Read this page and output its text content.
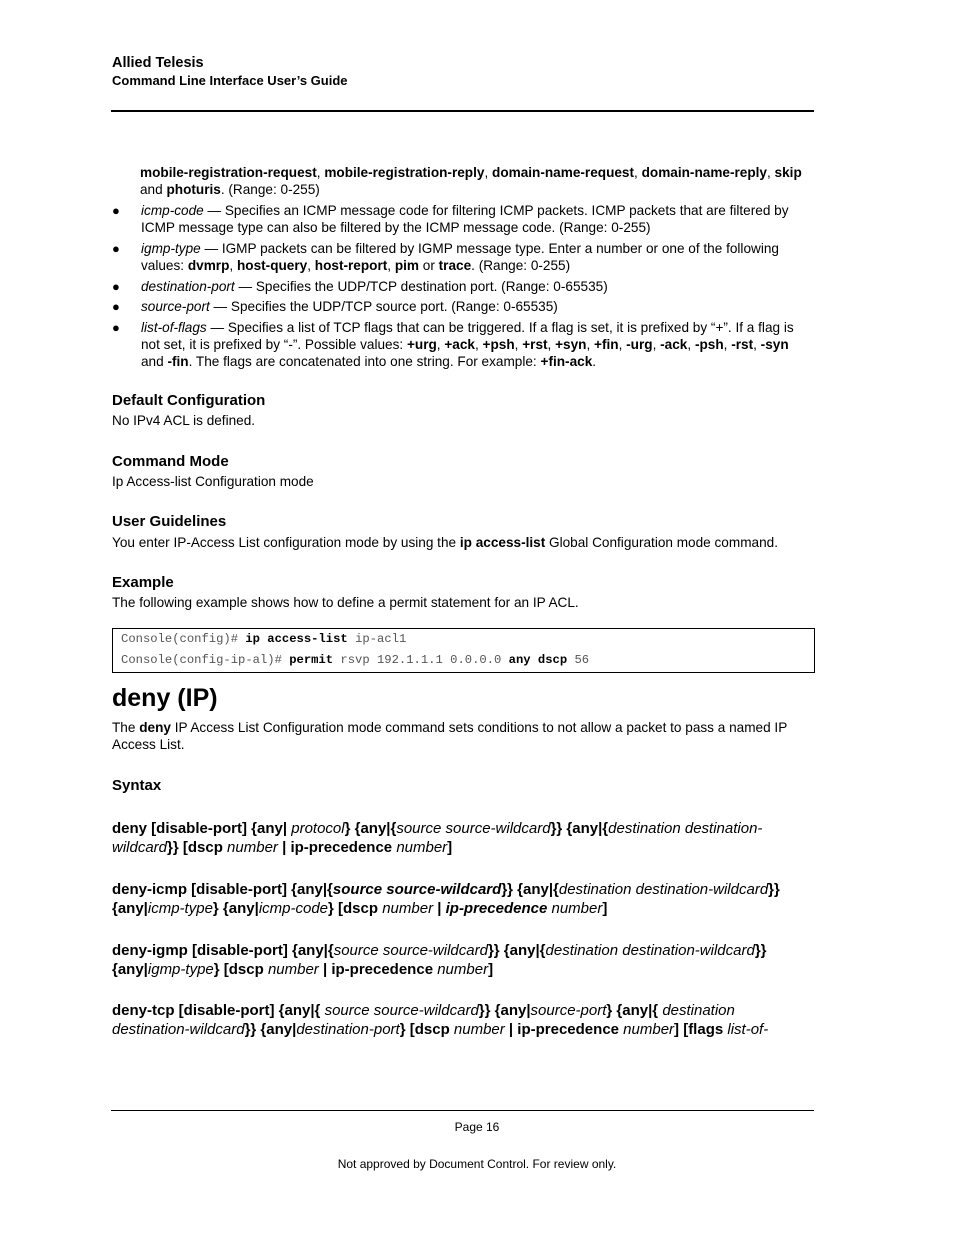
Allied Telesis
Command Line Interface User’s Guide
mobile-registration-request, mobile-registration-reply, domain-name-request, domain-name-reply, skip and photuris. (Range: 0-255)
● icmp-code — Specifies an ICMP message code for filtering ICMP packets. ICMP packets that are filtered by ICMP message type can also be filtered by the ICMP message code. (Range: 0-255)
● igmp-type — IGMP packets can be filtered by IGMP message type. Enter a number or one of the following values: dvmrp, host-query, host-report, pim or trace. (Range: 0-255)
● destination-port — Specifies the UDP/TCP destination port. (Range: 0-65535)
● source-port — Specifies the UDP/TCP source port. (Range: 0-65535)
● list-of-flags — Specifies a list of TCP flags that can be triggered. If a flag is set, it is prefixed by “+”. If a flag is not set, it is prefixed by “-”. Possible values: +urg, +ack, +psh, +rst, +syn, +fin, -urg, -ack, -psh, -rst, -syn and -fin. The flags are concatenated into one string. For example: +fin-ack.
Default Configuration
No IPv4 ACL is defined.
Command Mode
Ip Access-list Configuration mode
User Guidelines
You enter IP-Access List configuration mode by using the ip access-list Global Configuration mode command.
Example
The following example shows how to define a permit statement for an IP ACL.
Console(config)# ip access-list ip-acl1
Console(config-ip-al)# permit rsvp 192.1.1.1 0.0.0.0 any dscp 56
deny (IP)
The deny IP Access List Configuration mode command sets conditions to not allow a packet to pass a named IP Access List.
Syntax
deny [disable-port] {any| protocol} {any|{source source-wildcard}} {any|{destination destination-wildcard}} [dscp number | ip-precedence number]
deny-icmp [disable-port] {any|{source source-wildcard}} {any|{destination destination-wildcard}} {any|icmp-type} {any|icmp-code} [dscp number | ip-precedence number]
deny-igmp [disable-port] {any|{source source-wildcard}} {any|{destination destination-wildcard}} {any|igmp-type} [dscp number | ip-precedence number]
deny-tcp [disable-port] {any|{ source source-wildcard}} {any|source-port} {any|{ destination destination-wildcard}} {any|destination-port} [dscp number | ip-precedence number] [flags list-of-
Page 16
Not approved by Document Control. For review only.
